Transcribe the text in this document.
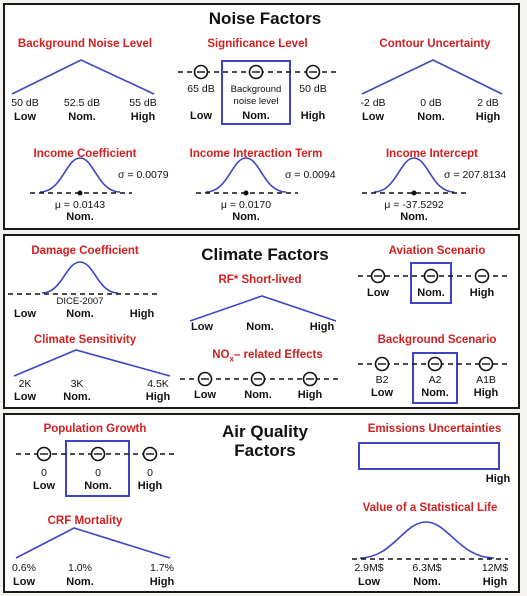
Noise Factors
Background Noise Level	Significance Level	Contour Uncertainty
50 dB	52.5 dB	55 dB
Low	Nom.	High
65 dB	Background
noise level
50 dB
Low	Nom.	High
-2 dB	0 dB	2 dB
Low	Nom.	High
Income Coefficient	Income Interaction Term	Income Intercept
σ = 0.0079
μ = 0.0143
Nom.
σ = 0.0094
μ = 0.0170
Nom.
σ = 207.8134
μ = -37.5292
Nom.
Climate Factors
Damage Coefficient
DICE-2007
Low	Nom.	High
RF* Short-lived
Low	Nom.	High
Aviation Scenario
Low	Nom.	High
Climate Sensitivity
2K	3K	4.5K
Low	Nom.	High
$NO_x-$ related Effects
Low	Nom.	High
Background Scenario
B2	A2	A1B
Low	Nom.	High
Air Quality
Factors
Population Growth
0	0	0
Low	Nom.	High
Emissions Uncertainties
High
CRF Mortality
0.6%	1.0%	1.7%
Low	Nom.	High
Value of a Statistical Life
2.9M$	6.3M$	12M$
Low	Nom.	High
